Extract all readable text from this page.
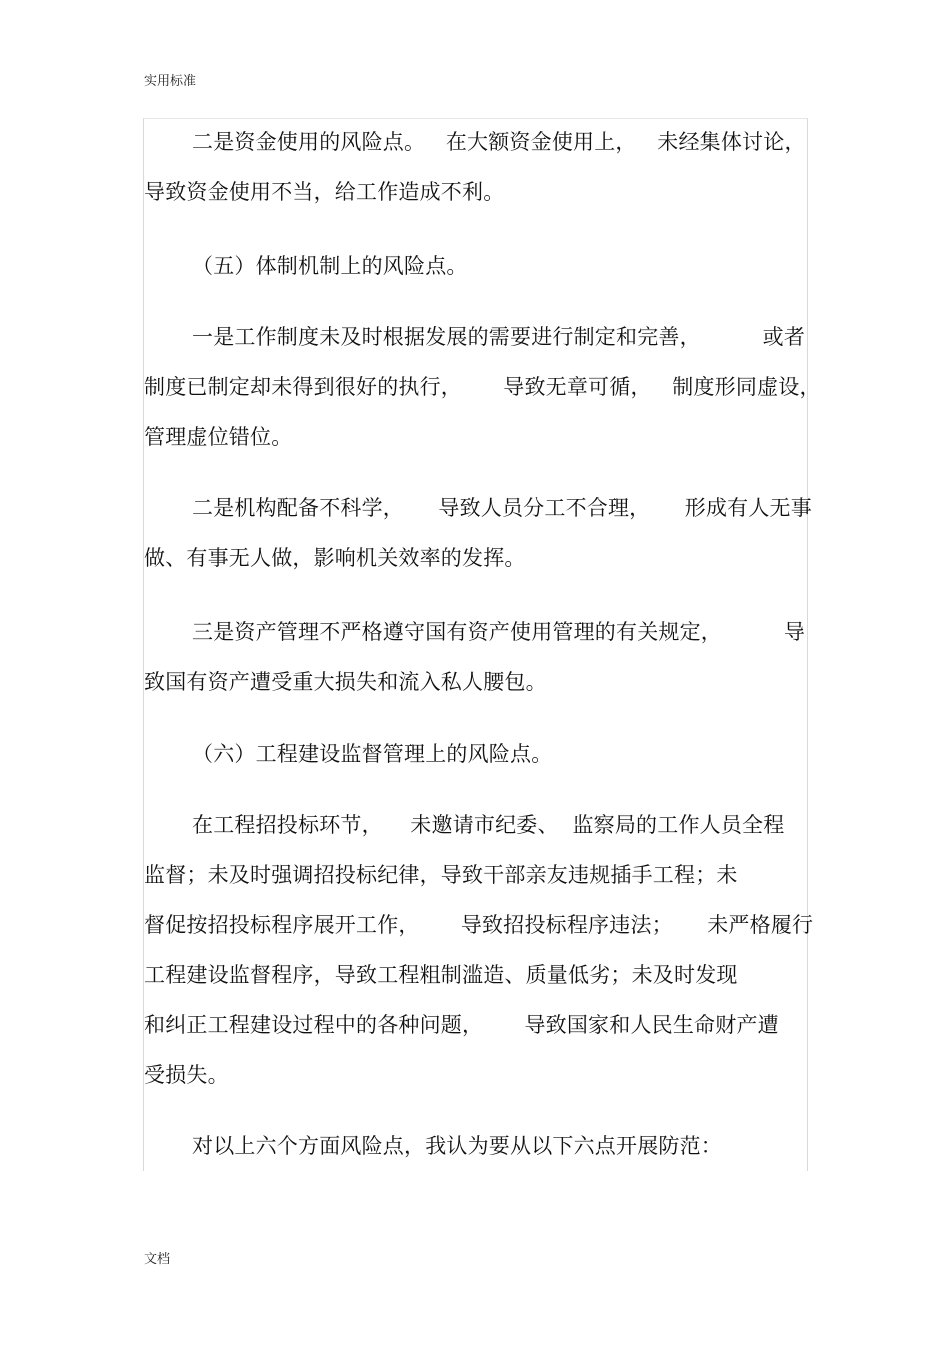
实用标准
二是资金使用的风险点。   在大额资金使用上，   未经集体讨论，
导致资金使用不当，给工作造成不利。
（五）体制机制上的风险点。
一是工作制度未及时根据发展的需要进行制定和完善，         或者
制度已制定却未得到很好的执行，      导致无章可循，   制度形同虚设，
管理虚位错位。
二是机构配备不科学，     导致人员分工不合理，     形成有人无事
做、有事无人做，影响机关效率的发挥。
三是资产管理不严格遵守国有资产使用管理的有关规定，         导
致国有资产遭受重大损失和流入私人腰包。
（六）工程建设监督管理上的风险点。
在工程招投标环节，    未邀请市纪委、  监察局的工作人员全程
监督；未及时强调招投标纪律，导致干部亲友违规插手工程；未
督促按招投标程序展开工作，      导致招投标程序违法；     未严格履行
工程建设监督程序，导致工程粗制滥造、质量低劣；未及时发现
和纠正工程建设过程中的各种问题，      导致国家和人民生命财产遭
受损失。
对以上六个方面风险点，我认为要从以下六点开展防范：
文档
